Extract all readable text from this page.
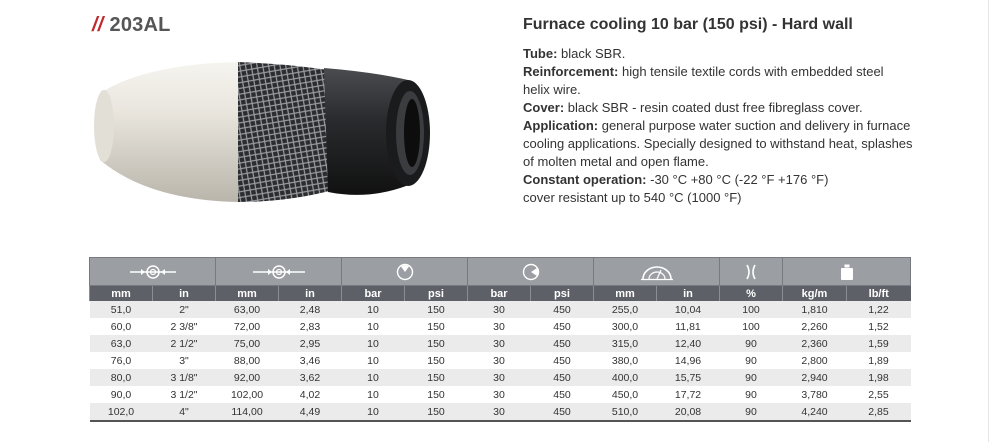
// 203AL	Furnace cooling 10 bar (150 psi) - Hard wall

Tube: black SBR.

Reinforcement: high tensile textile cords with embedded steel helix wire.

Cover: black SBR - resin coated dust free fibreglass cover.

Application: general purpose water suction and delivery in furnace cooling applications. Specially designed to withstand heat, splashes of molten metal and open flame.

Constant operation: -30 °C +80 °C (-22 °F +176 °F)

cover resistant up to 540 °C (1000 °F)

mm	in	mm	in	bar	psi	bar	psi	mm	in	%	kg/m	lb/ft
51,0	2"	63,00	2,48	10	150	30	450	255,0	10,04	100	1,810	1,22
60,0	2 3/8"	72,00	2,83	10	150	30	450	300,0	11,81	100	2,260	1,52
63,0	2 1/2"	75,00	2,95	10	150	30	450	315,0	12,40	90	2,360	1,59
76,0	3"	88,00	3,46	10	150	30	450	380,0	14,96	90	2,800	1,89
80,0	3 1/8"	92,00	3,62	10	150	30	450	400,0	15,75	90	2,940	1,98
90,0	3 1/2"	102,00	4,02	10	150	30	450	450,0	17,72	90	3,780	2,55
102,0	4"	114,00	4,49	10	150	30	450	510,0	20,08	90	4,240	2,85
